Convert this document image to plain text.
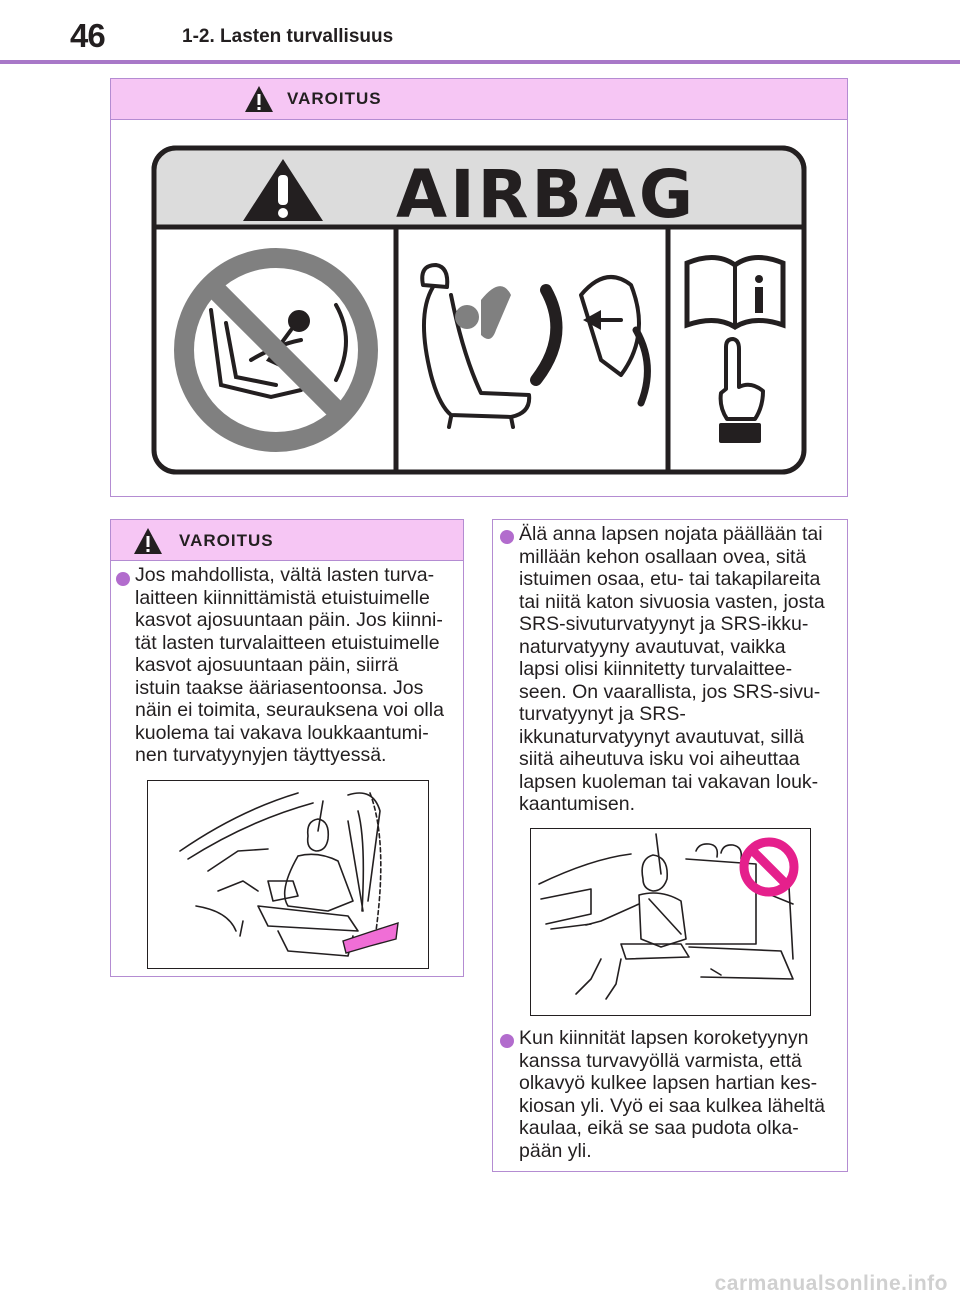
46	1-2. Lasten turvallisuus
VAROITUS
AIRBAG
VAROITUS
Jos mahdollista, vältä lasten turva-
laitteen kiinnittämistä etuistuimelle
kasvot ajosuuntaan päin. Jos kiinni-
tät lasten turvalaitteen etuistuimelle
kasvot ajosuuntaan päin, siirrä
istuin taakse ääriasentoonsa. Jos
näin ei toimita, seurauksena voi olla
kuolema tai vakava loukkaantumi-
nen turvatyynyjen täyttyessä.
Älä anna lapsen nojata päällään tai
millään kehon osallaan ovea, sitä
istuimen osaa, etu- tai takapilareita
tai niitä katon sivuosia vasten, josta
SRS-sivuturvatyynyt ja SRS-ikku-
naturvatyyny avautuvat, vaikka
lapsi olisi kiinnitetty turvalaittee-
seen. On vaarallista, jos SRS-sivu-
turvatyynyt ja SRS-
ikkunaturvatyynyt avautuvat, sillä
siitä aiheutuva isku voi aiheuttaa
lapsen kuoleman tai vakavan louk-
kaantumisen.
Kun kiinnität lapsen koroketyynyn
kanssa turvavyöllä varmista, että
olkavyö kulkee lapsen hartian kes-
kiosan yli. Vyö ei saa kulkea läheltä
kaulaa, eikä se saa pudota olka-
pään yli.
carmanualsonline.info
